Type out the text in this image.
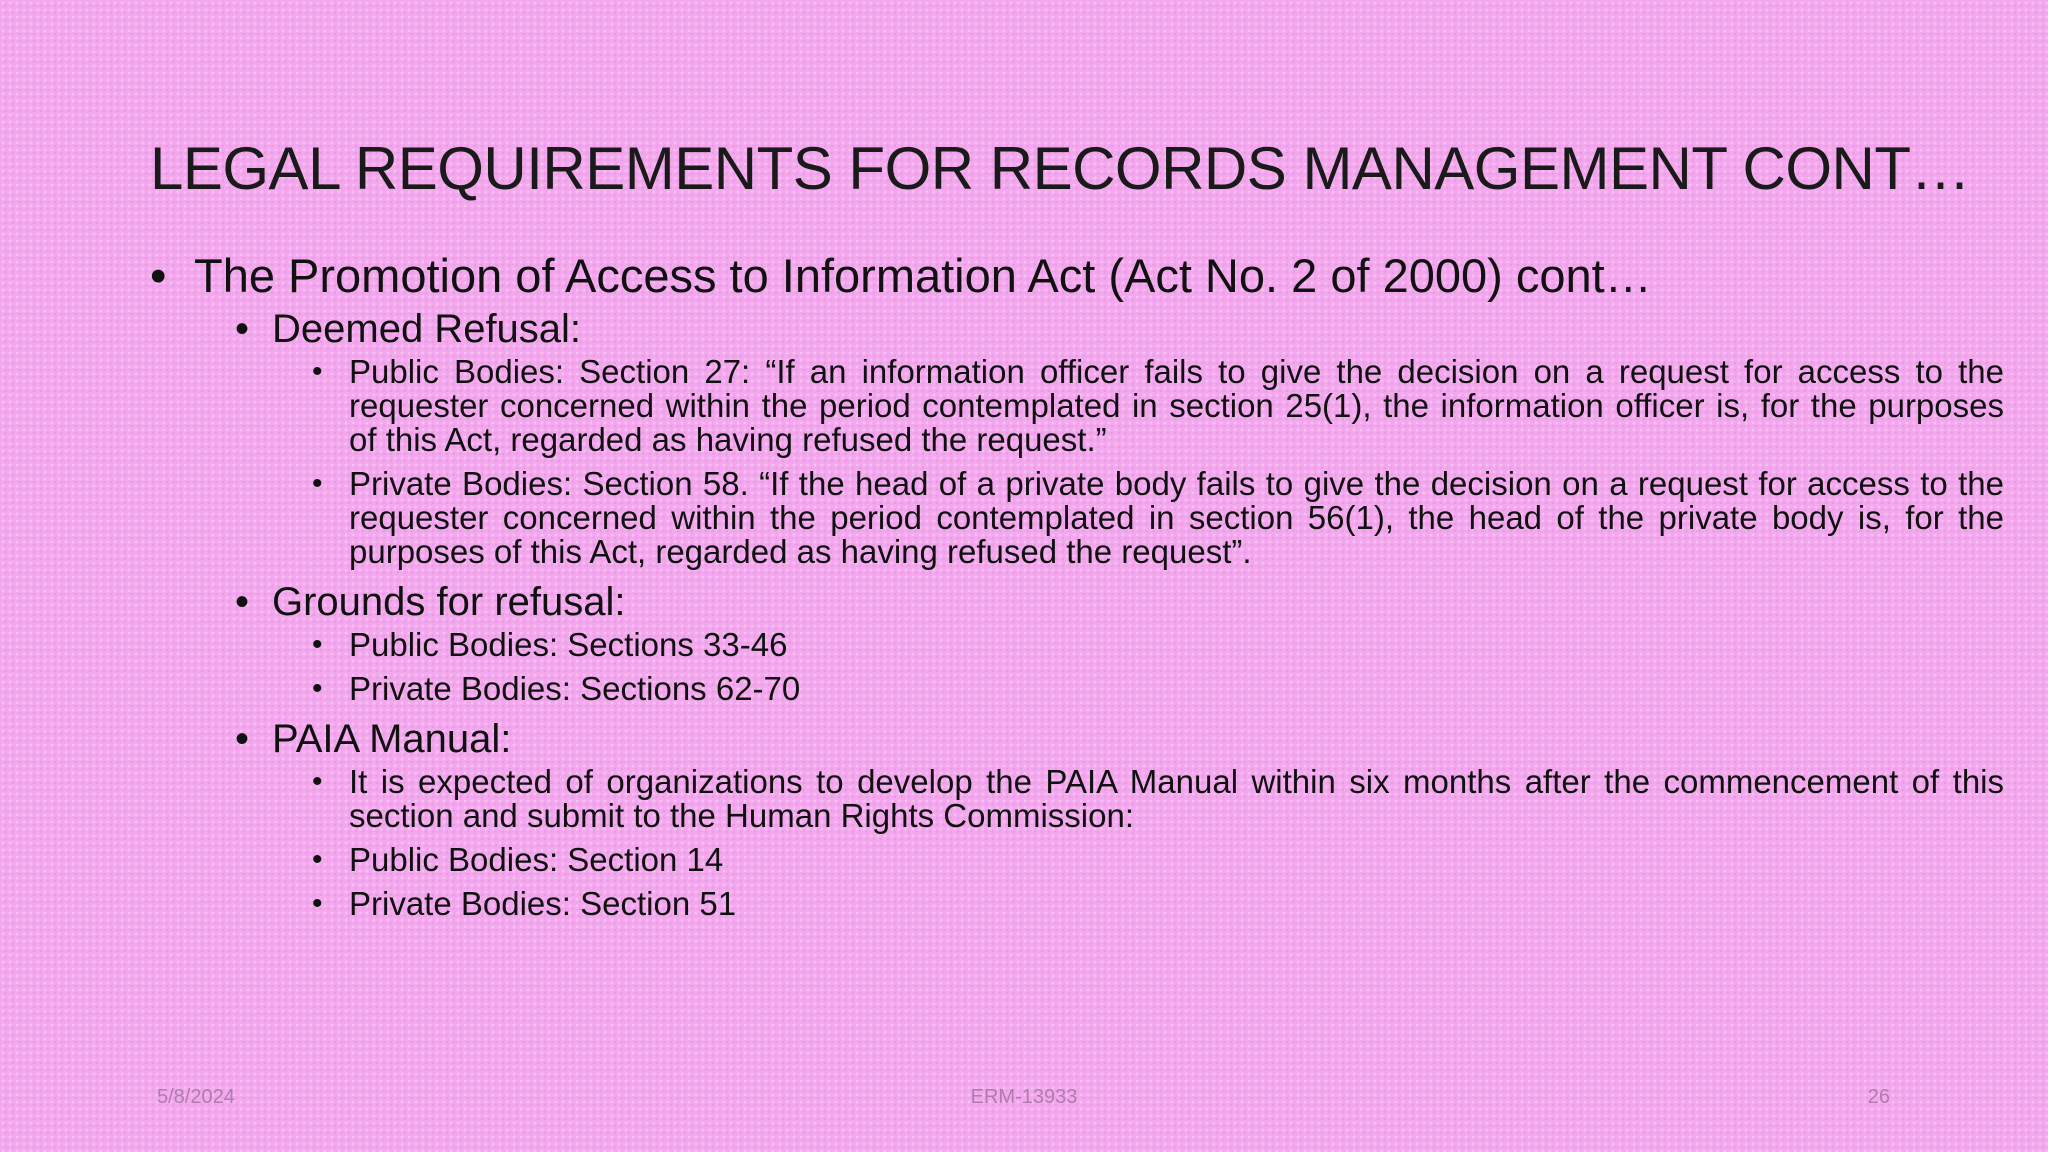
LEGAL REQUIREMENTS FOR RECORDS MANAGEMENT CONT…
• The Promotion of Access to Information Act (Act No. 2 of 2000) cont…
• Deemed Refusal:
• Public Bodies: Section 27: “If an information officer fails to give the decision on a request for access to the requester concerned within the period contemplated in section 25(1), the information officer is, for the purposes of this Act, regarded as having refused the request.”
• Private Bodies: Section 58. “If the head of a private body fails to give the decision on a request for access to the requester concerned within the period contemplated in section 56(1), the head of the private body is, for the purposes of this Act, regarded as having refused the request”.
• Grounds for refusal:
• Public Bodies: Sections 33-46
• Private Bodies: Sections 62-70
• PAIA Manual:
• It is expected of organizations to develop the PAIA Manual within six months after the commencement of this section and submit to the Human Rights Commission:
• Public Bodies: Section 14
• Private Bodies: Section 51
5/8/2024	ERM-13933	26
